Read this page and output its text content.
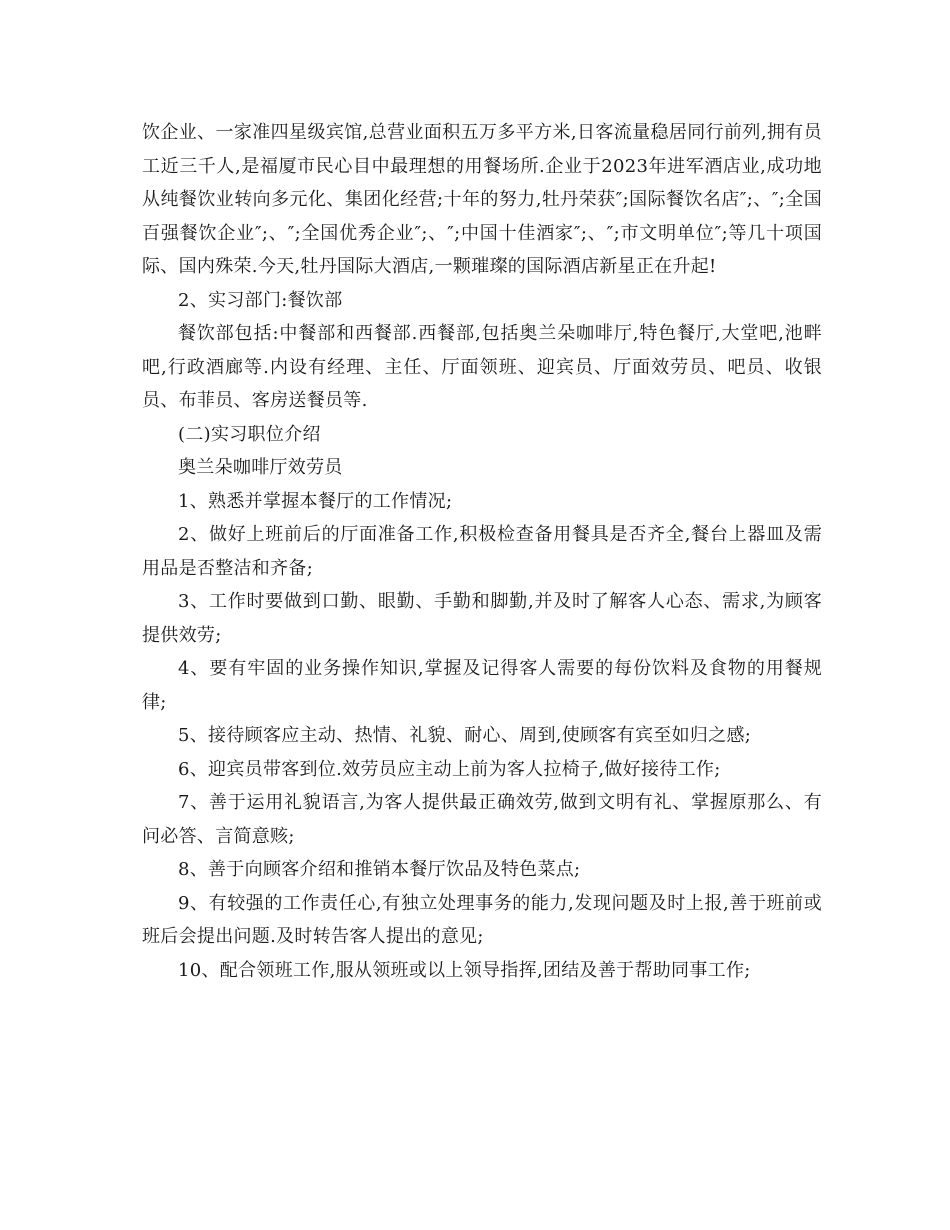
饮企业、一家准四星级宾馆,总营业面积五万多平方米,日客流量稳居同行前列,拥有员工近三千人,是福厦市民心目中最理想的用餐场所.企业于2023年进军酒店业,成功地从纯餐饮业转向多元化、集团化经营;十年的努力,牡丹荣获″;国际餐饮名店″;、″;全国百强餐饮企业″;、″;全国优秀企业″;、″;中国十佳酒家″;、″;市文明单位″;等几十项国际、国内殊荣.今天,牡丹国际大酒店,一颗璀璨的国际酒店新星正在升起!

2、实习部门:餐饮部

餐饮部包括:中餐部和西餐部.西餐部,包括奥兰朵咖啡厅,特色餐厅,大堂吧,池畔吧,行政酒廊等.内设有经理、主任、厅面领班、迎宾员、厅面效劳员、吧员、收银员、布菲员、客房送餐员等.

(二)实习职位介绍

奥兰朵咖啡厅效劳员

1、熟悉并掌握本餐厅的工作情况;

2、做好上班前后的厅面准备工作,积极检查备用餐具是否齐全,餐台上器皿及需用品是否整洁和齐备;

3、工作时要做到口勤、眼勤、手勤和脚勤,并及时了解客人心态、需求,为顾客提供效劳;

4、要有牢固的业务操作知识,掌握及记得客人需要的每份饮料及食物的用餐规律;

5、接待顾客应主动、热情、礼貌、耐心、周到,使顾客有宾至如归之感;

6、迎宾员带客到位.效劳员应主动上前为客人拉椅子,做好接待工作;

7、善于运用礼貌语言,为客人提供最正确效劳,做到文明有礼、掌握原那么、有问必答、言简意赅;

8、善于向顾客介绍和推销本餐厅饮品及特色菜点;

9、有较强的工作责任心,有独立处理事务的能力,发现问题及时上报,善于班前或班后会提出问题.及时转告客人提出的意见;

10、配合领班工作,服从领班或以上领导指挥,团结及善于帮助同事工作;
